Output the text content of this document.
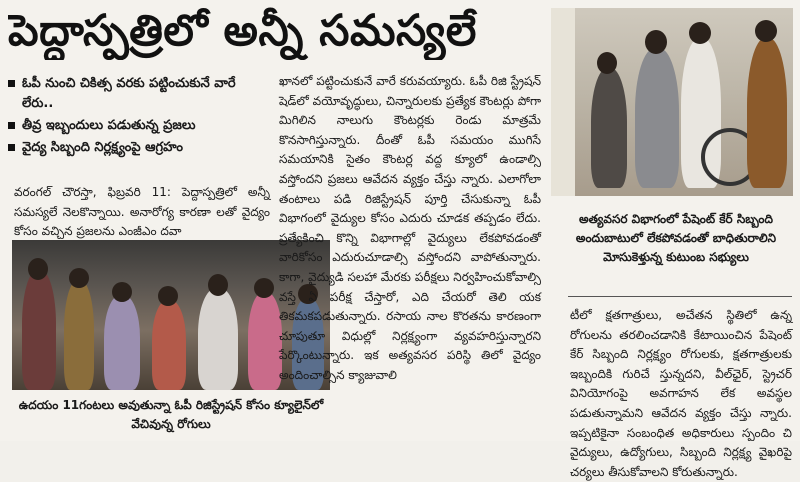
పెద్దాస్పత్రిలో అన్నీ సమస్యలే
ఓపీ నుంచి చికిత్స వరకు పట్టించుకునే వారే లేరు..
తీవ్ర ఇబ్బందులు పడుతున్న ప్రజలు
వైద్య సిబ్బంది నిర్లక్ష్యంపై ఆగ్రహం

వరంగల్ చౌరస్తా, ఫిబ్రవరి 11: పెద్దాస్పత్రిలో అన్నీ సమస్యలే నెలకొన్నాయి. అనారోగ్య కారణా లతో వైద్యం కోసం వచ్చిన ప్రజలను ఎంజీఎం దవా

ఉదయం 11గంటలు అవుతున్నా ఓపీ రిజిస్ట్రేషన్ కోసం క్యూలైన్‌లో వేచివున్న రోగులు

ఖానలో పట్టించుకునే వారే కరువయ్యారు. ఓపీ రిజి స్ట్రేషన్ షెడ్‌లో వయోవృద్ధులు, చిన్నారులకు ప్రత్యేక కౌంటర్లు పోగా మిగిలిన నాలుగు కౌంటర్లకు రెండు మాత్రమే కొనసాగిస్తున్నారు. దీంతో ఓపీ సమయం ముగిసే సమయానికి సైతం కౌంటర్ల వద్ద క్యూలో ఉండాల్సి వస్తోందని ప్రజలు ఆవేదన వ్యక్తం చేస్తు న్నారు. ఎలాగోలా తంటాలు పడి రిజిస్ట్రేషన్ పూర్తి చేసుకున్నా ఓపీ విభాగంలో వైద్యుల కోసం ఎదురు చూడక తప్పడం లేదు. ప్రత్యేకించి కొన్ని విభాగాల్లో వైద్యులు లేకపోవడంతో వారికోసం ఎదురుచూడాల్సి వస్తోందని వాపోతున్నారు. కాగా, వైద్యుడి సలహా మేరకు పరీక్షలు నిర్వహించుకోవాల్సి వస్తే ఏ పరీక్ష చేస్తారో, ఎది చేయరో తెలి యక తికమకపడుతున్నారు. రసాయ నాల కొరతను కారణంగా చూపుతూ విధుల్లో నిర్లక్ష్యంగా వ్యవహరిస్తున్నారని పేర్కొంటున్నారు. ఇక అత్యవసర పరిస్థి తిలో వైద్యం అందించాల్సిన క్యాజువాలి

అత్యవసర విభాగంలో పేషెంట్ కేర్ సిబ్బంది అందుబాటులో లేకపోవడంతో బాధితురాలిని మోసుకెళ్తున్న కుటుంబ సభ్యులు

టీలో క్షతగాత్రులు, అచేతన స్థితిలో ఉన్న రోగులను తరలించడానికి కేటాయించిన పేషెంట్ కేర్ సిబ్బంది నిర్లక్ష్యం రోగులకు, క్షతగాత్రులకు ఇబ్బందికి గురిచే స్తున్నదని, వీల్‌ఛైర్, స్ట్రెచర్ వినియోగంపై అవగాహన లేక అవస్థల పడుతున్నామని ఆవేదన వ్యక్తం చేస్తు న్నారు. ఇప్పటికైనా సంబంధిత అధికారులు స్పందిం చి వైద్యులు, ఉద్యోగులు, సిబ్బంది నిర్లక్ష్య వైఖరిపై చర్యలు తీసుకోవాలని కోరుతున్నారు.
